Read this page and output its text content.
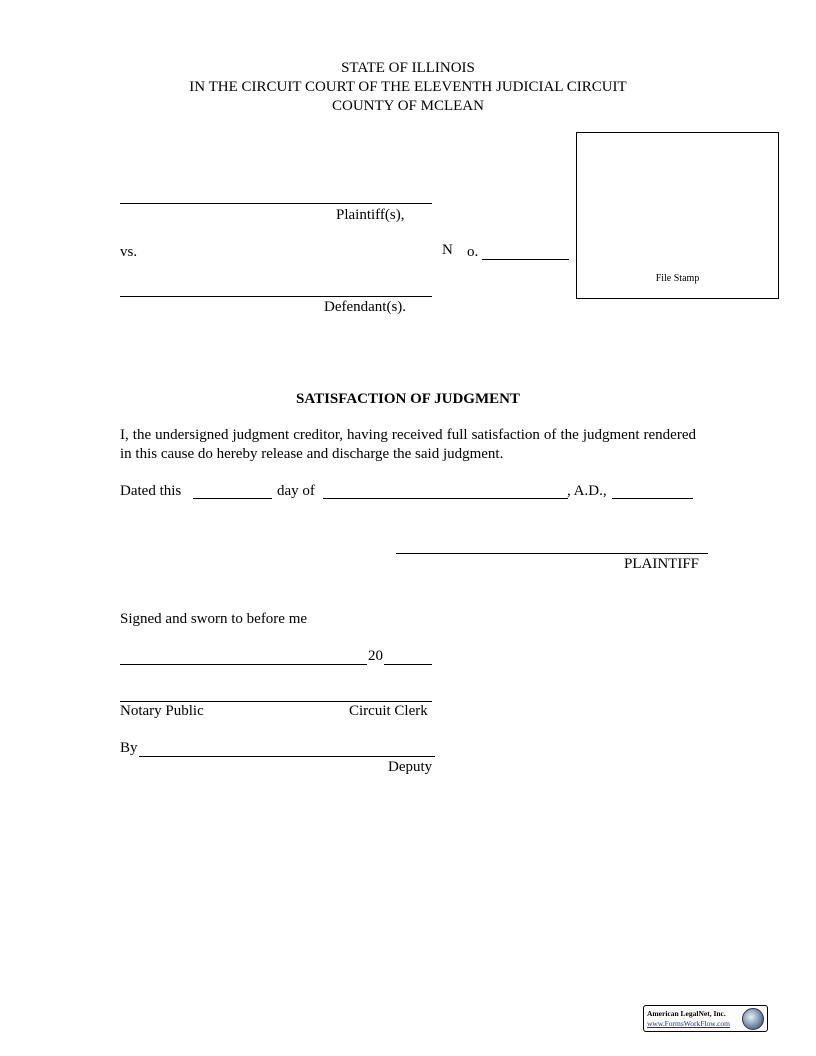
STATE OF ILLINOIS
IN THE CIRCUIT COURT OF THE ELEVENTH JUDICIAL CIRCUIT
COUNTY OF MCLEAN
Plaintiff(s),
vs.	N o.
Defendant(s).
File Stamp
SATISFACTION OF JUDGMENT
I, the undersigned judgment creditor, having received full satisfaction of the judgment rendered in this cause do hereby release and discharge the said judgment.
Dated this	day of	, A.D.,
PLAINTIFF
Signed and sworn to before me
20
Notary Public	Circuit Clerk
By
Deputy
American LegalNet, Inc.
www.FormsWorkFlow.com
